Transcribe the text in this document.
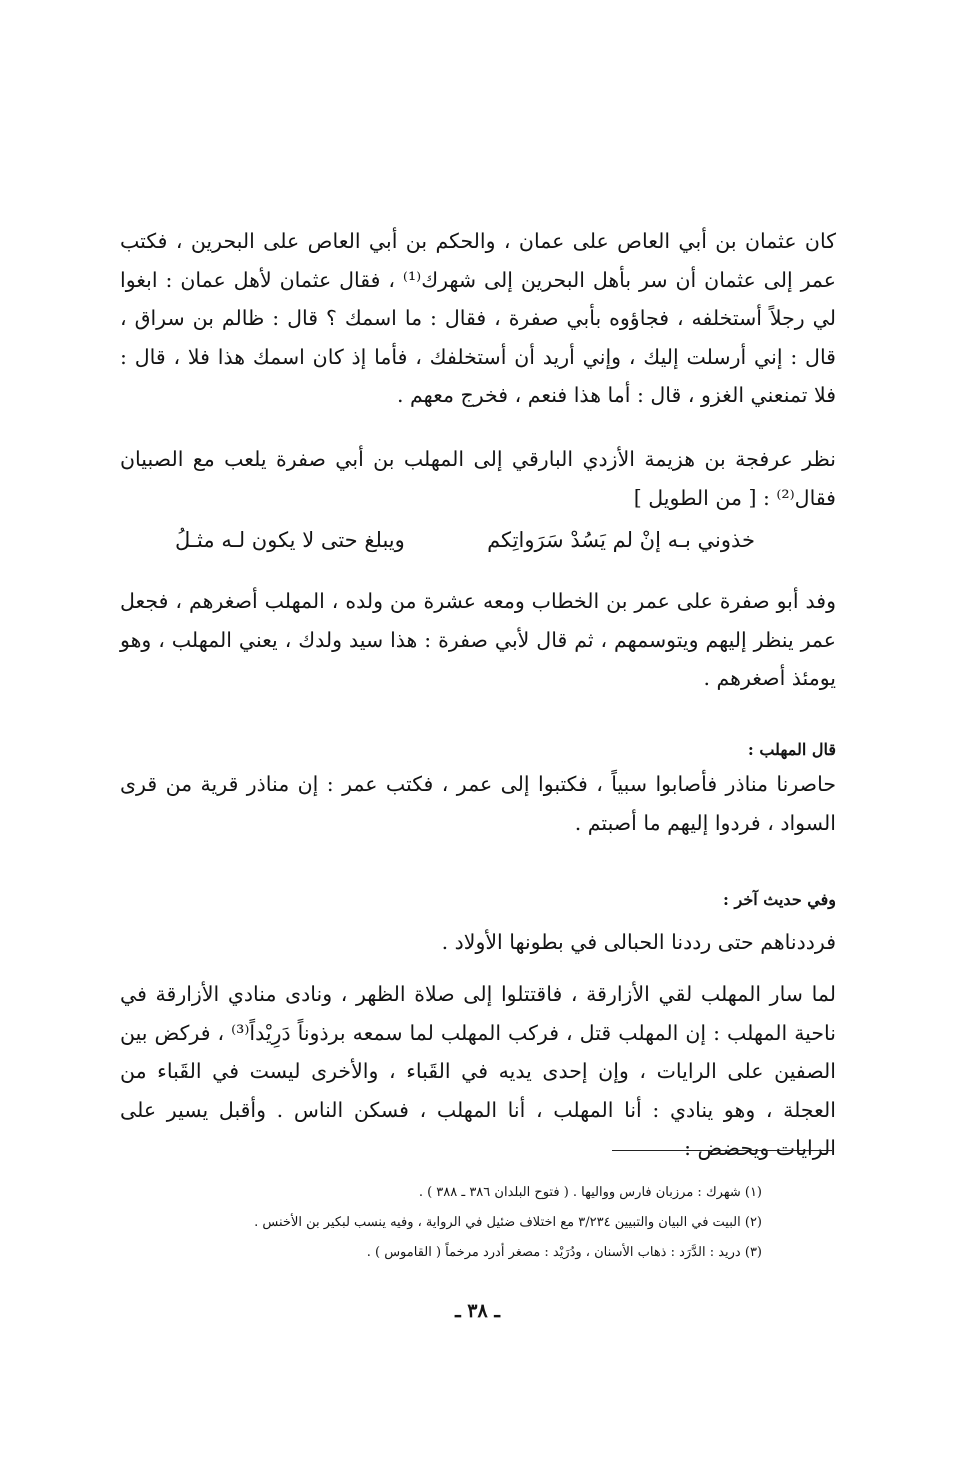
كان عثمان بن أبي العاص على عمان ، والحكم بن أبي العاص على البحرين ، فكتب عمر إلى عثمان أن سر بأهل البحرين إلى شهرك⁽¹⁾ ، فقال عثمان لأهل عمان : ابغوا لي رجلاً أستخلفه ، فجاؤوه بأبي صفرة ، فقال : ما اسمك ؟ قال : ظالم بن سراق ، قال : إني أرسلت إليك ، وإني أريد أن أستخلفك ، فأما إذ كان اسمك هذا فلا ، قال : فلا تمنعني الغزو ، قال : أما هذا فنعم ، فخرج معهم .
نظر عرفجة بن هزيمة الأزدي البارقي إلى المهلب بن أبي صفرة يلعب مع الصبيان فقال⁽²⁾ : [ من الطويل ]
خذوني بـه إنْ لم يَسُدْ سَرَواتِكم
ويبلغ حتى لا يكون لـه مثـلُ
وفد أبو صفرة على عمر بن الخطاب ومعه عشرة من ولده ، المهلب أصغرهم ، فجعل عمر ينظر إليهم ويتوسمهم ، ثم قال لأبي صفرة : هذا سيد ولدك ، يعني المهلب ، وهو يومئذ أصغرهم .
قال المهلب :
حاصرنا مناذر فأصابوا سبياً ، فكتبوا إلى عمر ، فكتب عمر : إن مناذر قرية من قرى السواد ، فردوا إليهم ما أصبتم .
وفي حديث آخر :
فرددناهم حتى رددنا الحبالى في بطونها الأولاد .
لما سار المهلب لقي الأزارقة ، فاقتتلوا إلى صلاة الظهر ، ونادى منادي الأزارقة في ناحية المهلب : إن المهلب قتل ، فركب المهلب لما سمعه برذوناً دَرِيْداً⁽³⁾ ، فركض بين الصفين على الرايات ، وإن إحدى يديه في القَباء ، والأخرى ليست في القَباء من العجلة ، وهو ينادي : أنا المهلب ، أنا المهلب ، فسكن الناس . وأقبل يسير على الرايات ويحضض :
(١) شهرك : مرزبان فارس وواليها . ( فتوح البلدان ٣٨٦ ـ ٣٨٨ ) .
(٢) البيت في البيان والتبيين ٣/٢٣٤ مع اختلاف ضئيل في الرواية ، وفيه ينسب لبكير بن الأخنس .
(٣) دريد : الدَّرَد : ذهاب الأسنان ، ودُرَيْد : مصغر أدرد مرخماً ( القاموس ) .
ـ ٣٨ ـ
